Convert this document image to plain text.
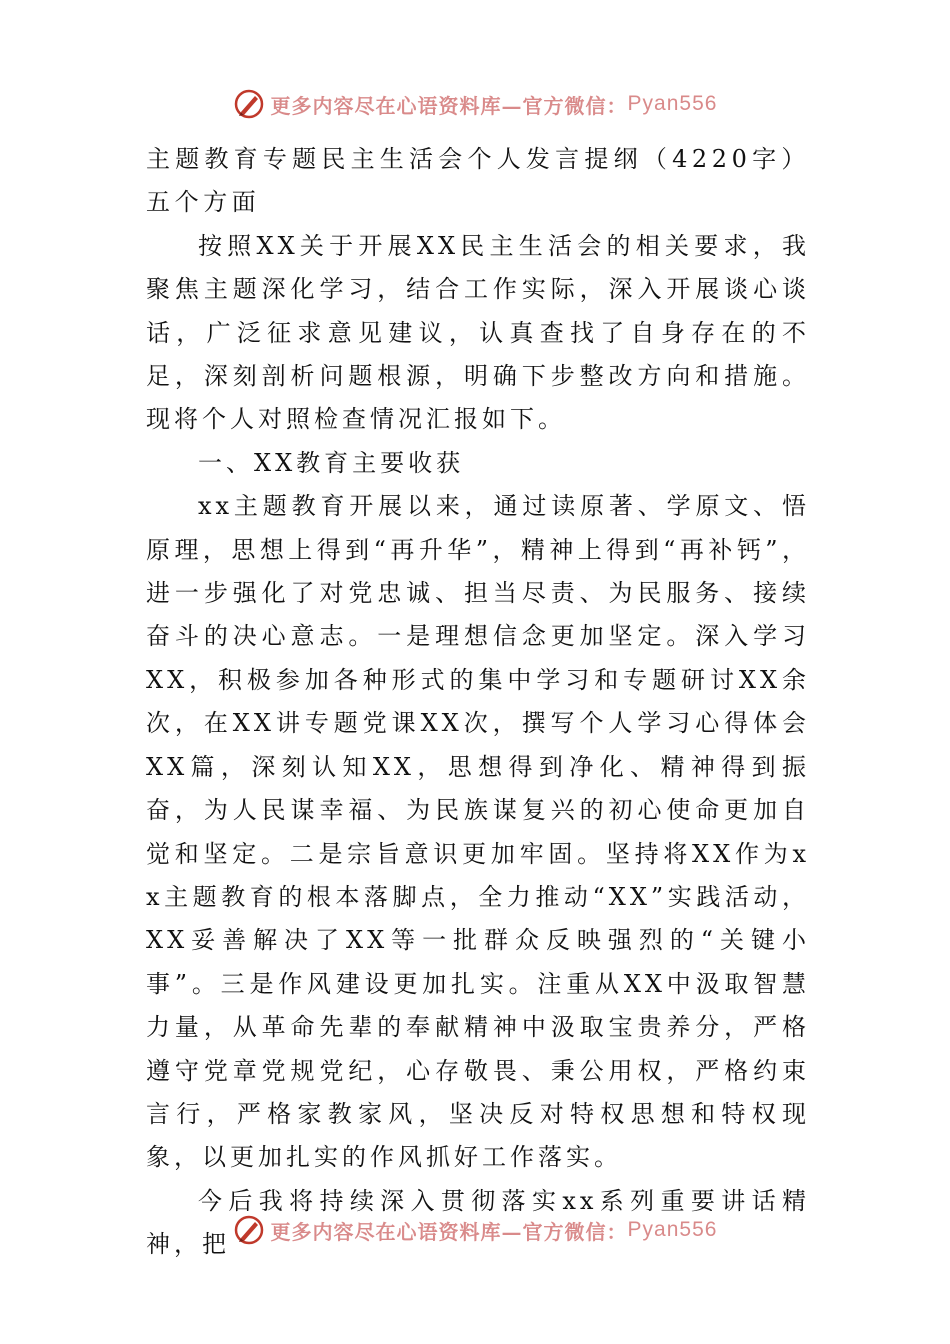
更多内容尽在心语资料库—官方微信： Pyan556

主题教育专题民主生活会个人发言提纲（4220字）五个方面

按照XX关于开展XX民主生活会的相关要求，我聚焦主题深化学习，结合工作实际，深入开展谈心谈话，广泛征求意见建议，认真查找了自身存在的不足，深刻剖析问题根源，明确下步整改方向和措施。现将个人对照检查情况汇报如下。

一、XX教育主要收获

xx主题教育开展以来，通过读原著、学原文、悟原理，思想上得到“再升华”，精神上得到“再补钙”，进一步强化了对党忠诚、担当尽责、为民服务、接续奋斗的决心意志。一是理想信念更加坚定。深入学习XX，积极参加各种形式的集中学习和专题研讨XX余次，在XX讲专题党课XX次，撰写个人学习心得体会XX篇，深刻认知XX，思想得到净化、精神得到振奋，为人民谋幸福、为民族谋复兴的初心使命更加自觉和坚定。二是宗旨意识更加牢固。坚持将XX作为xx主题教育的根本落脚点，全力推动“XX”实践活动，XX妥善解决了XX等一批群众反映强烈的“关键小事”。三是作风建设更加扎实。注重从XX中汲取智慧力量，从革命先辈的奉献精神中汲取宝贵养分，严格遵守党章党规党纪，心存敬畏、秉公用权，严格约束言行，严格家教家风，坚决反对特权思想和特权现象，以更加扎实的作风抓好工作落实。

今后我将持续深入贯彻落实xx系列重要讲话精神，把	更多内容尽在心语资料库—官方微信： Pyan556
